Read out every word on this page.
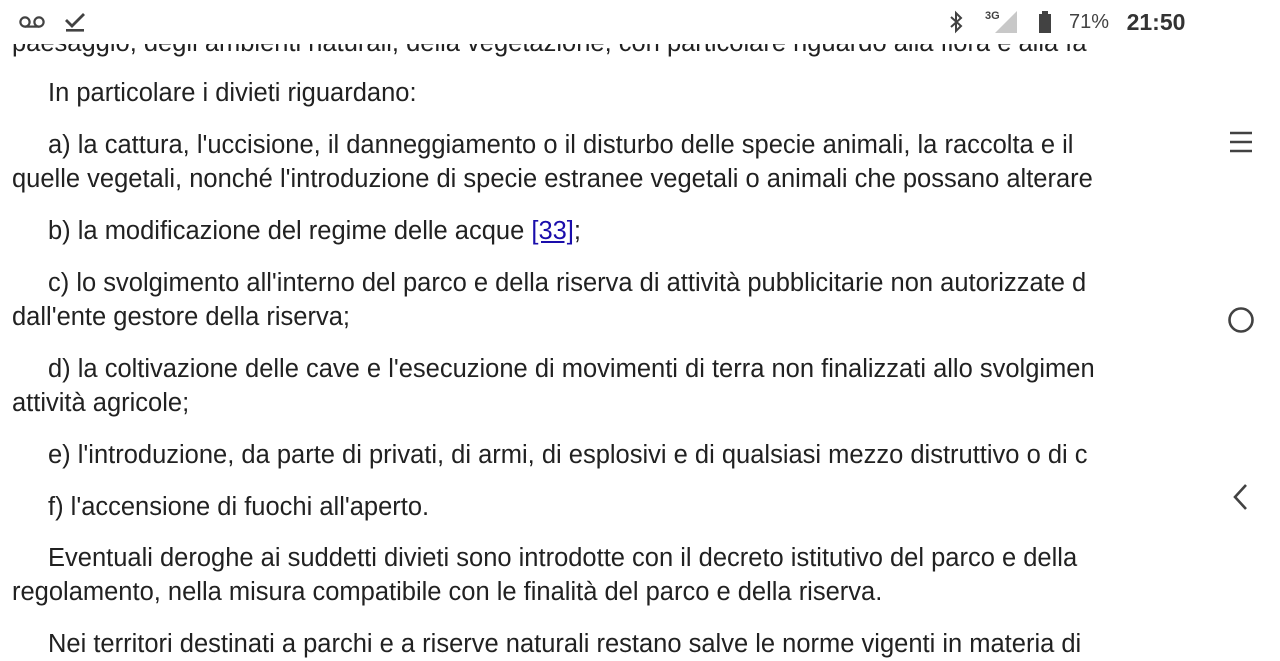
In particolare i divieti riguardano:
a) la cattura, l'uccisione, il danneggiamento o il disturbo delle specie animali, la raccolta e il
quelle vegetali, nonché l'introduzione di specie estranee vegetali o animali che possano alterare
b) la modificazione del regime delle acque [33];
c) lo svolgimento all'interno del parco e della riserva di attività pubblicitarie non autorizzate d
dall'ente gestore della riserva;
d) la coltivazione delle cave e l'esecuzione di movimenti di terra non finalizzati allo svolgimen
attività agricole;
e) l'introduzione, da parte di privati, di armi, di esplosivi e di qualsiasi mezzo distruttivo o di c
f) l'accensione di fuochi all'aperto.
Eventuali deroghe ai suddetti divieti sono introdotte con il decreto istitutivo del parco e della
regolamento, nella misura compatibile con le finalità del parco e della riserva.
Nei territori destinati a parchi e a riserve naturali restano salve le norme vigenti in materia di
3G	71% 21:50
